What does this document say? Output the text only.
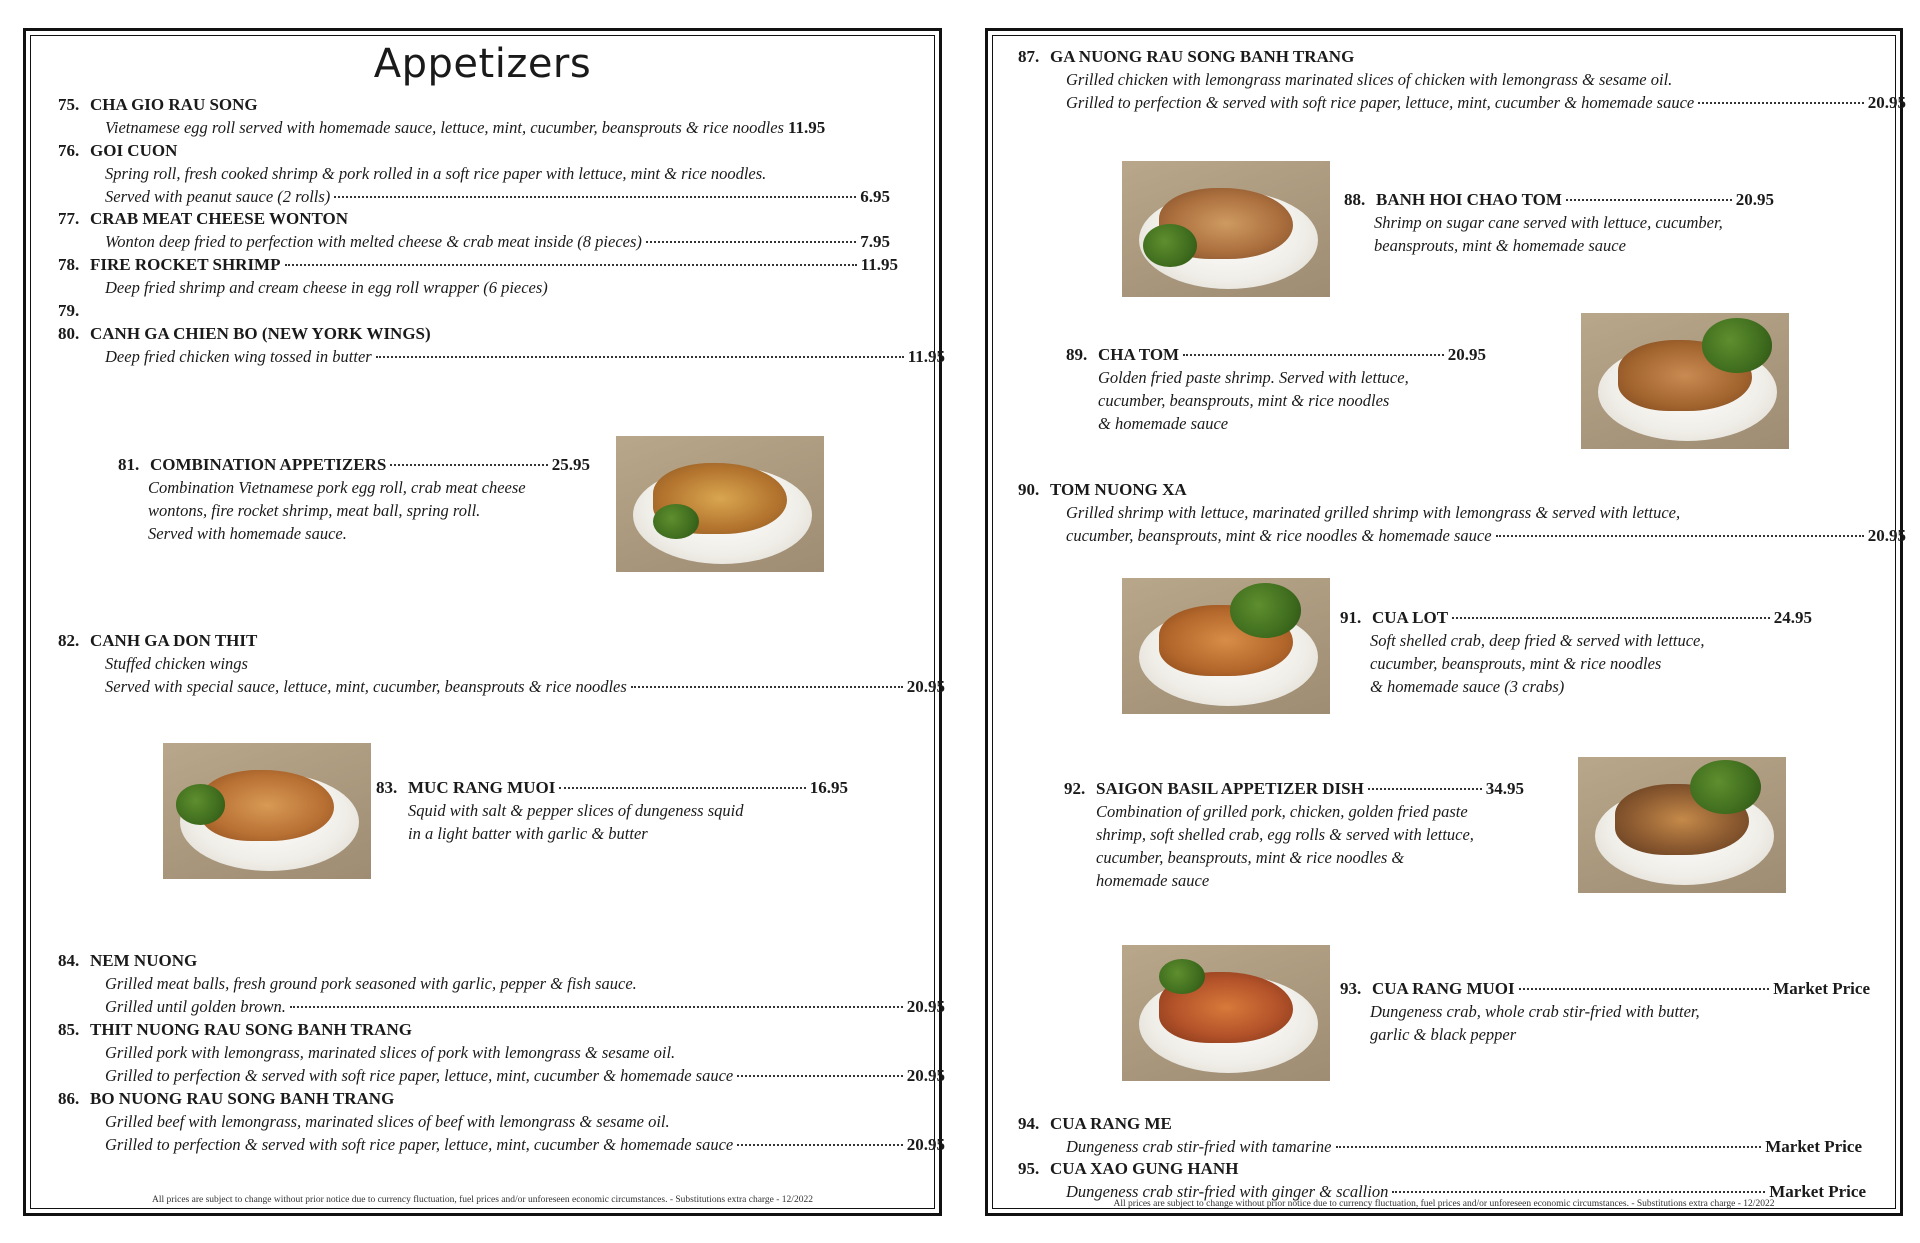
Appetizers
75. CHA GIO RAU SONG
Vietnamese egg roll served with homemade sauce, lettuce, mint, cucumber, beansprouts & rice noodles 11.95
76. GOI CUON
Spring roll, fresh cooked shrimp & pork rolled in a soft rice paper with lettuce, mint & rice noodles.
Served with peanut sauce (2 rolls)	6.95
77. CRAB MEAT CHEESE WONTON
Wonton deep fried to perfection with melted cheese & crab meat inside (8 pieces)	7.95
78. FIRE ROCKET SHRIMP	11.95
Deep fried shrimp and cream cheese in egg roll wrapper (6 pieces)
79.
80. CANH GA CHIEN BO (NEW YORK WINGS)
Deep fried chicken wing tossed in butter	11.95
81. COMBINATION APPETIZERS	25.95
Combination Vietnamese pork egg roll, crab meat cheese
wontons, fire rocket shrimp, meat ball, spring roll.
Served with homemade sauce.
82. CANH GA DON THIT
Stuffed chicken wings
Served with special sauce, lettuce, mint, cucumber, beansprouts & rice noodles	20.95
83. MUC RANG MUOI	16.95
Squid with salt & pepper slices of dungeness squid
in a light batter with garlic & butter
84. NEM NUONG
Grilled meat balls, fresh ground pork seasoned with garlic, pepper & fish sauce.
Grilled until golden brown.	20.95
85. THIT NUONG RAU SONG BANH TRANG
Grilled pork with lemongrass, marinated slices of pork with lemongrass & sesame oil.
Grilled to perfection & served with soft rice paper, lettuce, mint, cucumber & homemade sauce	20.95
86. BO NUONG RAU SONG BANH TRANG
Grilled beef with lemongrass, marinated slices of beef with lemongrass & sesame oil.
Grilled to perfection & served with soft rice paper, lettuce, mint, cucumber & homemade sauce	20.95
All prices are subject to change without prior notice due to currency fluctuation, fuel prices and/or unforeseen economic circumstances. - Substitutions extra charge - 12/2022
87. GA NUONG RAU SONG BANH TRANG
Grilled chicken with lemongrass marinated slices of chicken with lemongrass & sesame oil.
Grilled to perfection & served with soft rice paper, lettuce, mint, cucumber & homemade sauce	20.95
88. BANH HOI CHAO TOM	20.95
Shrimp on sugar cane served with lettuce, cucumber,
beansprouts, mint & homemade sauce
89. CHA TOM	20.95
Golden fried paste shrimp. Served with lettuce,
cucumber, beansprouts, mint & rice noodles
& homemade sauce
90. TOM NUONG XA
Grilled shrimp with lettuce, marinated grilled shrimp with lemongrass & served with lettuce,
cucumber, beansprouts, mint & rice noodles & homemade sauce	20.95
91. CUA LOT	24.95
Soft shelled crab, deep fried & served with lettuce,
cucumber, beansprouts, mint & rice noodles
& homemade sauce (3 crabs)
92. SAIGON BASIL APPETIZER DISH	34.95
Combination of grilled pork, chicken, golden fried paste
shrimp, soft shelled crab, egg rolls & served with lettuce,
cucumber, beansprouts, mint & rice noodles &
homemade sauce
93. CUA RANG MUOI	Market Price
Dungeness crab, whole crab stir-fried with butter,
garlic & black pepper
94. CUA RANG ME
Dungeness crab stir-fried with tamarine	Market Price
95. CUA XAO GUNG HANH
Dungeness crab stir-fried with ginger & scallion	Market Price
All prices are subject to change without prior notice due to currency fluctuation, fuel prices and/or unforeseen economic circumstances. - Substitutions extra charge - 12/2022
